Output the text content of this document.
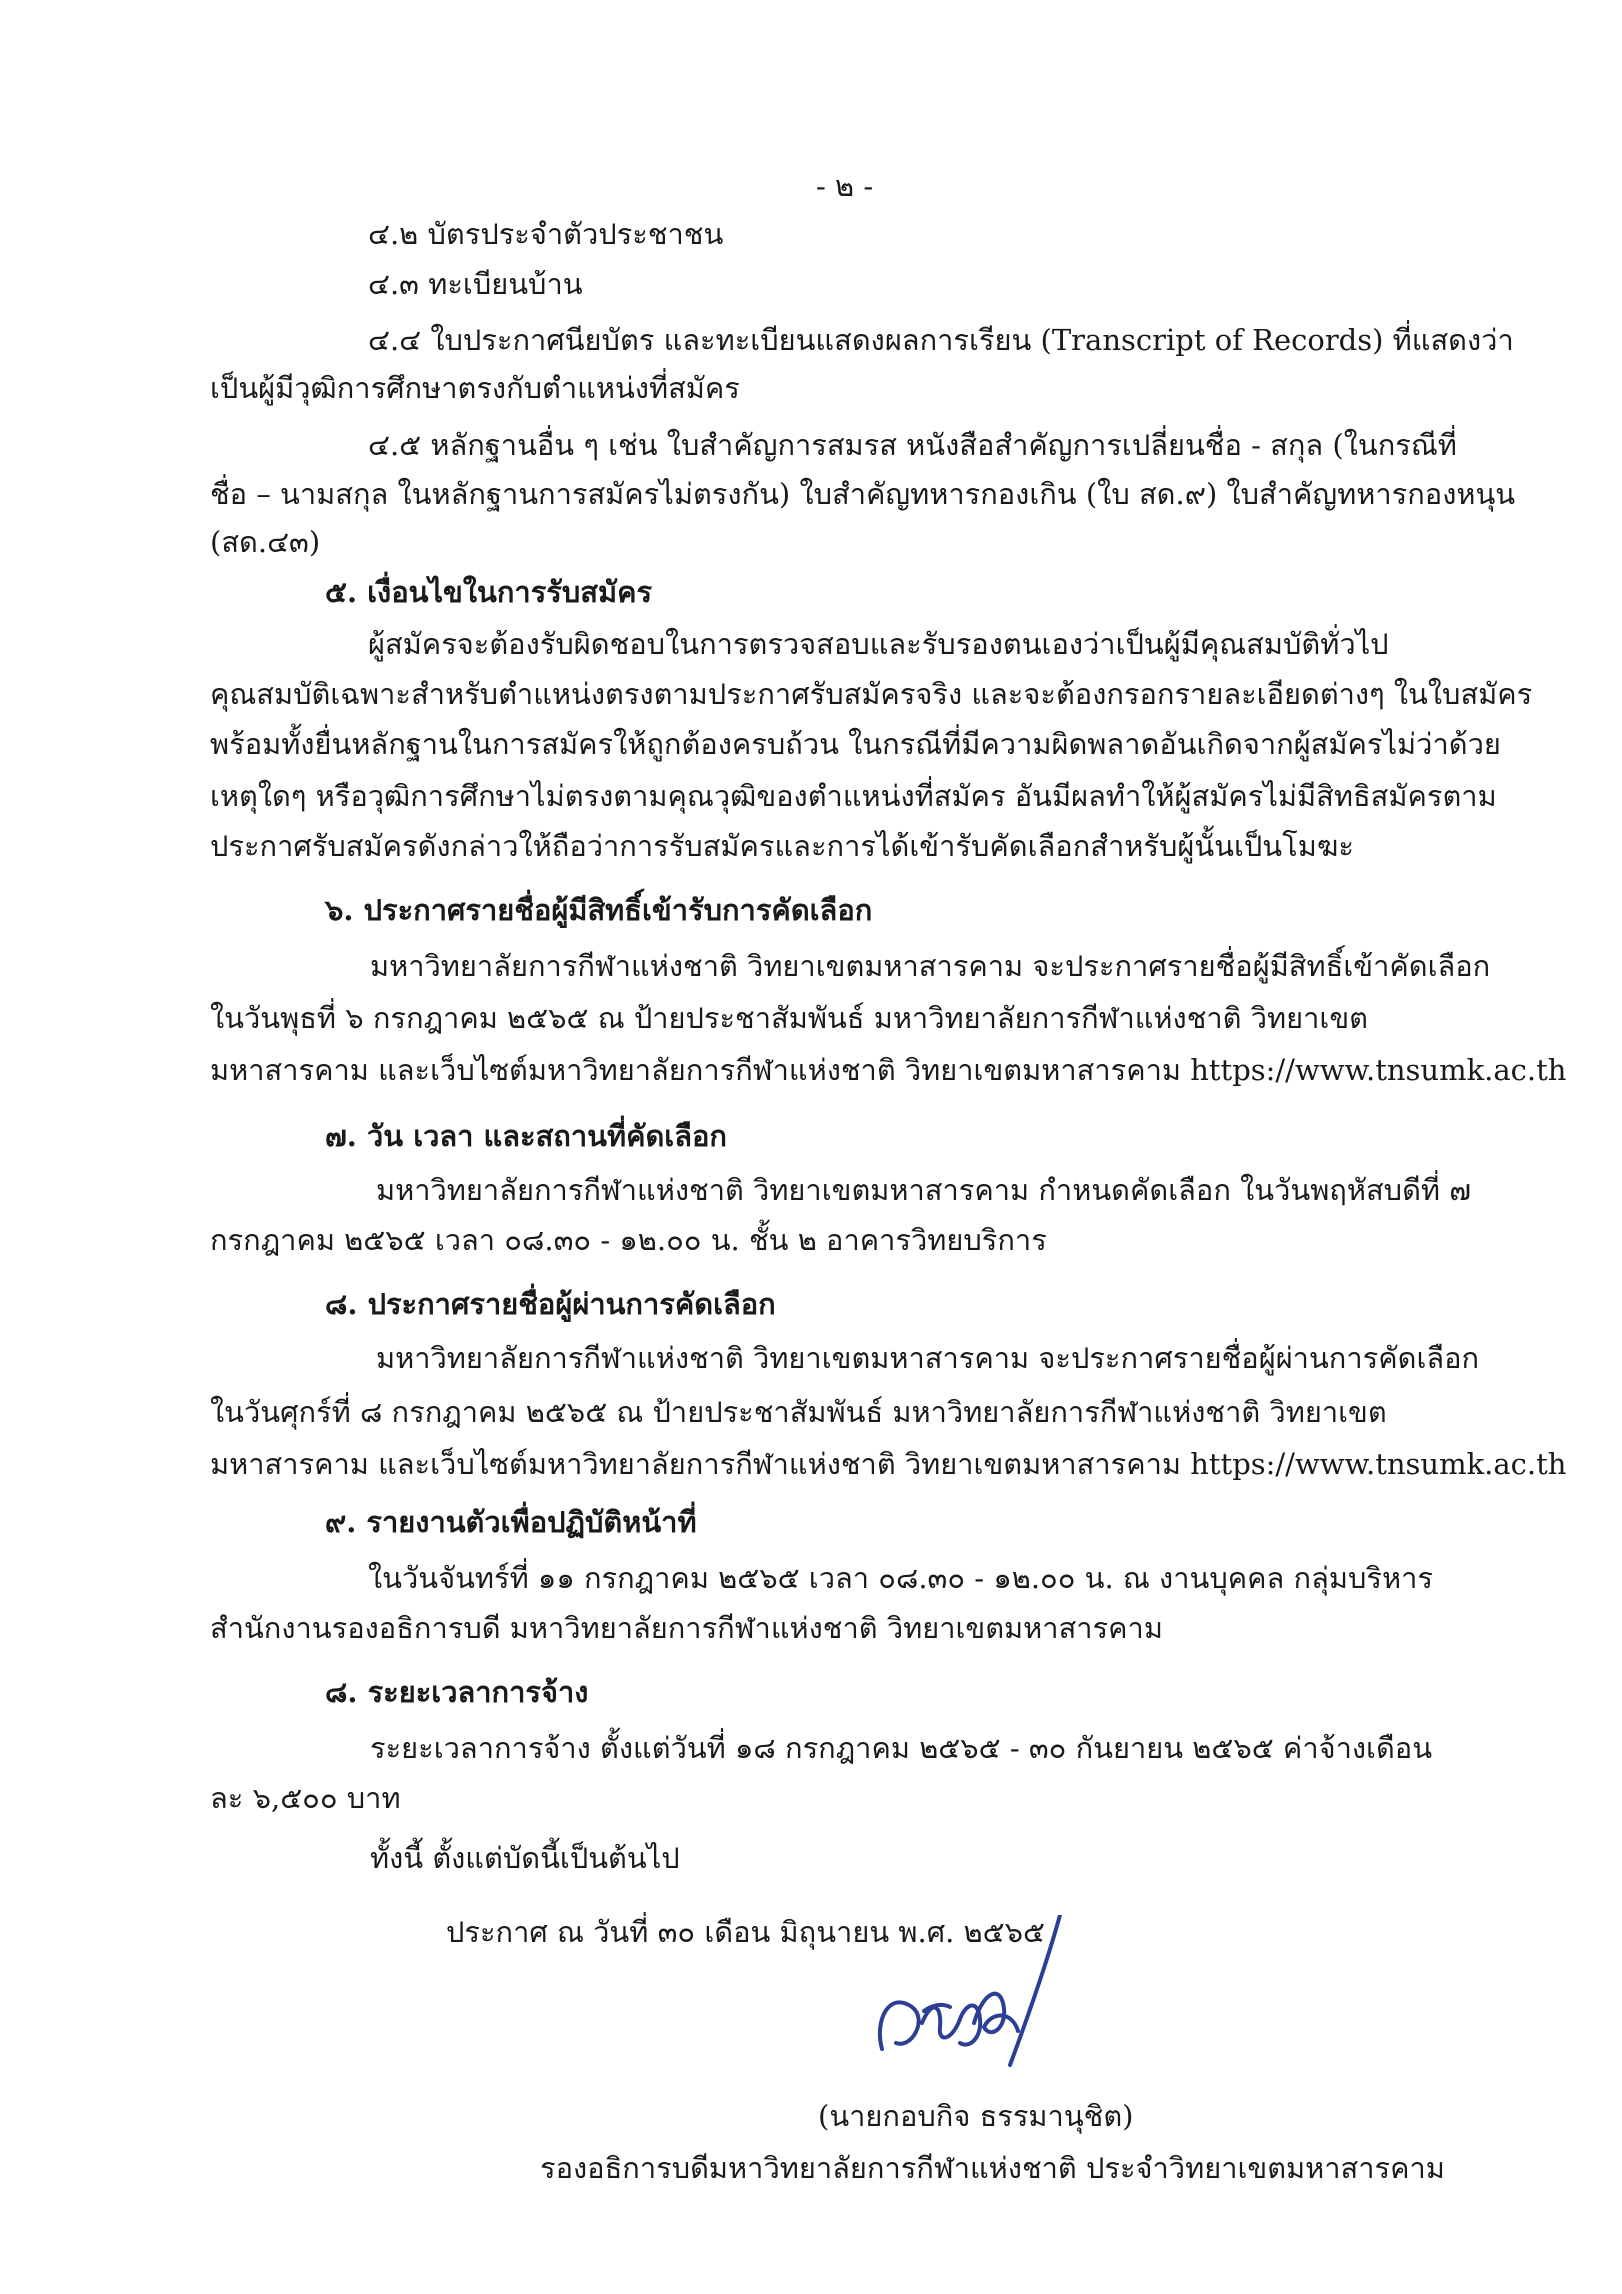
- ๒ -
๔.๒ บัตรประจำตัวประชาชน
๔.๓ ทะเบียนบ้าน
๔.๔ ใบประกาศนียบัตร และทะเบียนแสดงผลการเรียน (Transcript of Records) ที่แสดงว่า
เป็นผู้มีวุฒิการศึกษาตรงกับตำแหน่งที่สมัคร
๔.๕ หลักฐานอื่น ๆ เช่น ใบสำคัญการสมรส หนังสือสำคัญการเปลี่ยนชื่อ - สกุล (ในกรณีที่
ชื่อ – นามสกุล ในหลักฐานการสมัครไม่ตรงกัน) ใบสำคัญทหารกองเกิน (ใบ สด.๙) ใบสำคัญทหารกองหนุน
(สด.๔๓)
๕. เงื่อนไขในการรับสมัคร
ผู้สมัครจะต้องรับผิดชอบในการตรวจสอบและรับรองตนเองว่าเป็นผู้มีคุณสมบัติทั่วไป
คุณสมบัติเฉพาะสำหรับตำแหน่งตรงตามประกาศรับสมัครจริง และจะต้องกรอกรายละเอียดต่างๆ ในใบสมัคร
พร้อมทั้งยื่นหลักฐานในการสมัครให้ถูกต้องครบถ้วน ในกรณีที่มีความผิดพลาดอันเกิดจากผู้สมัครไม่ว่าด้วย
เหตุใดๆ หรือวุฒิการศึกษาไม่ตรงตามคุณวุฒิของตำแหน่งที่สมัคร อันมีผลทำให้ผู้สมัครไม่มีสิทธิสมัครตาม
ประกาศรับสมัครดังกล่าวให้ถือว่าการรับสมัครและการได้เข้ารับคัดเลือกสำหรับผู้นั้นเป็นโมฆะ
๖. ประกาศรายชื่อผู้มีสิทธิ์เข้ารับการคัดเลือก
มหาวิทยาลัยการกีฬาแห่งชาติ วิทยาเขตมหาสารคาม จะประกาศรายชื่อผู้มีสิทธิ์เข้าคัดเลือก
ในวันพุธที่ ๖ กรกฎาคม ๒๕๖๕ ณ ป้ายประชาสัมพันธ์ มหาวิทยาลัยการกีฬาแห่งชาติ วิทยาเขต
มหาสารคาม และเว็บไซต์มหาวิทยาลัยการกีฬาแห่งชาติ วิทยาเขตมหาสารคาม https://www.tnsumk.ac.th
๗. วัน เวลา และสถานที่คัดเลือก
มหาวิทยาลัยการกีฬาแห่งชาติ วิทยาเขตมหาสารคาม กำหนดคัดเลือก ในวันพฤหัสบดีที่ ๗
กรกฎาคม ๒๕๖๕ เวลา ๐๘.๓๐ - ๑๒.๐๐ น. ชั้น ๒ อาคารวิทยบริการ
๘. ประกาศรายชื่อผู้ผ่านการคัดเลือก
มหาวิทยาลัยการกีฬาแห่งชาติ วิทยาเขตมหาสารคาม จะประกาศรายชื่อผู้ผ่านการคัดเลือก
ในวันศุกร์ที่ ๘ กรกฎาคม ๒๕๖๕ ณ ป้ายประชาสัมพันธ์ มหาวิทยาลัยการกีฬาแห่งชาติ วิทยาเขต
มหาสารคาม และเว็บไซต์มหาวิทยาลัยการกีฬาแห่งชาติ วิทยาเขตมหาสารคาม https://www.tnsumk.ac.th
๙. รายงานตัวเพื่อปฏิบัติหน้าที่
ในวันจันทร์ที่ ๑๑ กรกฎาคม ๒๕๖๕ เวลา ๐๘.๓๐ - ๑๒.๐๐ น. ณ งานบุคคล กลุ่มบริหาร
สำนักงานรองอธิการบดี มหาวิทยาลัยการกีฬาแห่งชาติ วิทยาเขตมหาสารคาม
๘. ระยะเวลาการจ้าง
ระยะเวลาการจ้าง ตั้งแต่วันที่ ๑๘ กรกฎาคม ๒๕๖๕ - ๓๐ กันยายน ๒๕๖๕ ค่าจ้างเดือน
ละ ๖,๕๐๐ บาท
ทั้งนี้ ตั้งแต่บัดนี้เป็นต้นไป
ประกาศ ณ วันที่ ๓๐ เดือน มิถุนายน พ.ศ. ๒๕๖๕
(นายกอบกิจ ธรรมานุชิต)
รองอธิการบดีมหาวิทยาลัยการกีฬาแห่งชาติ ประจำวิทยาเขตมหาสารคาม
